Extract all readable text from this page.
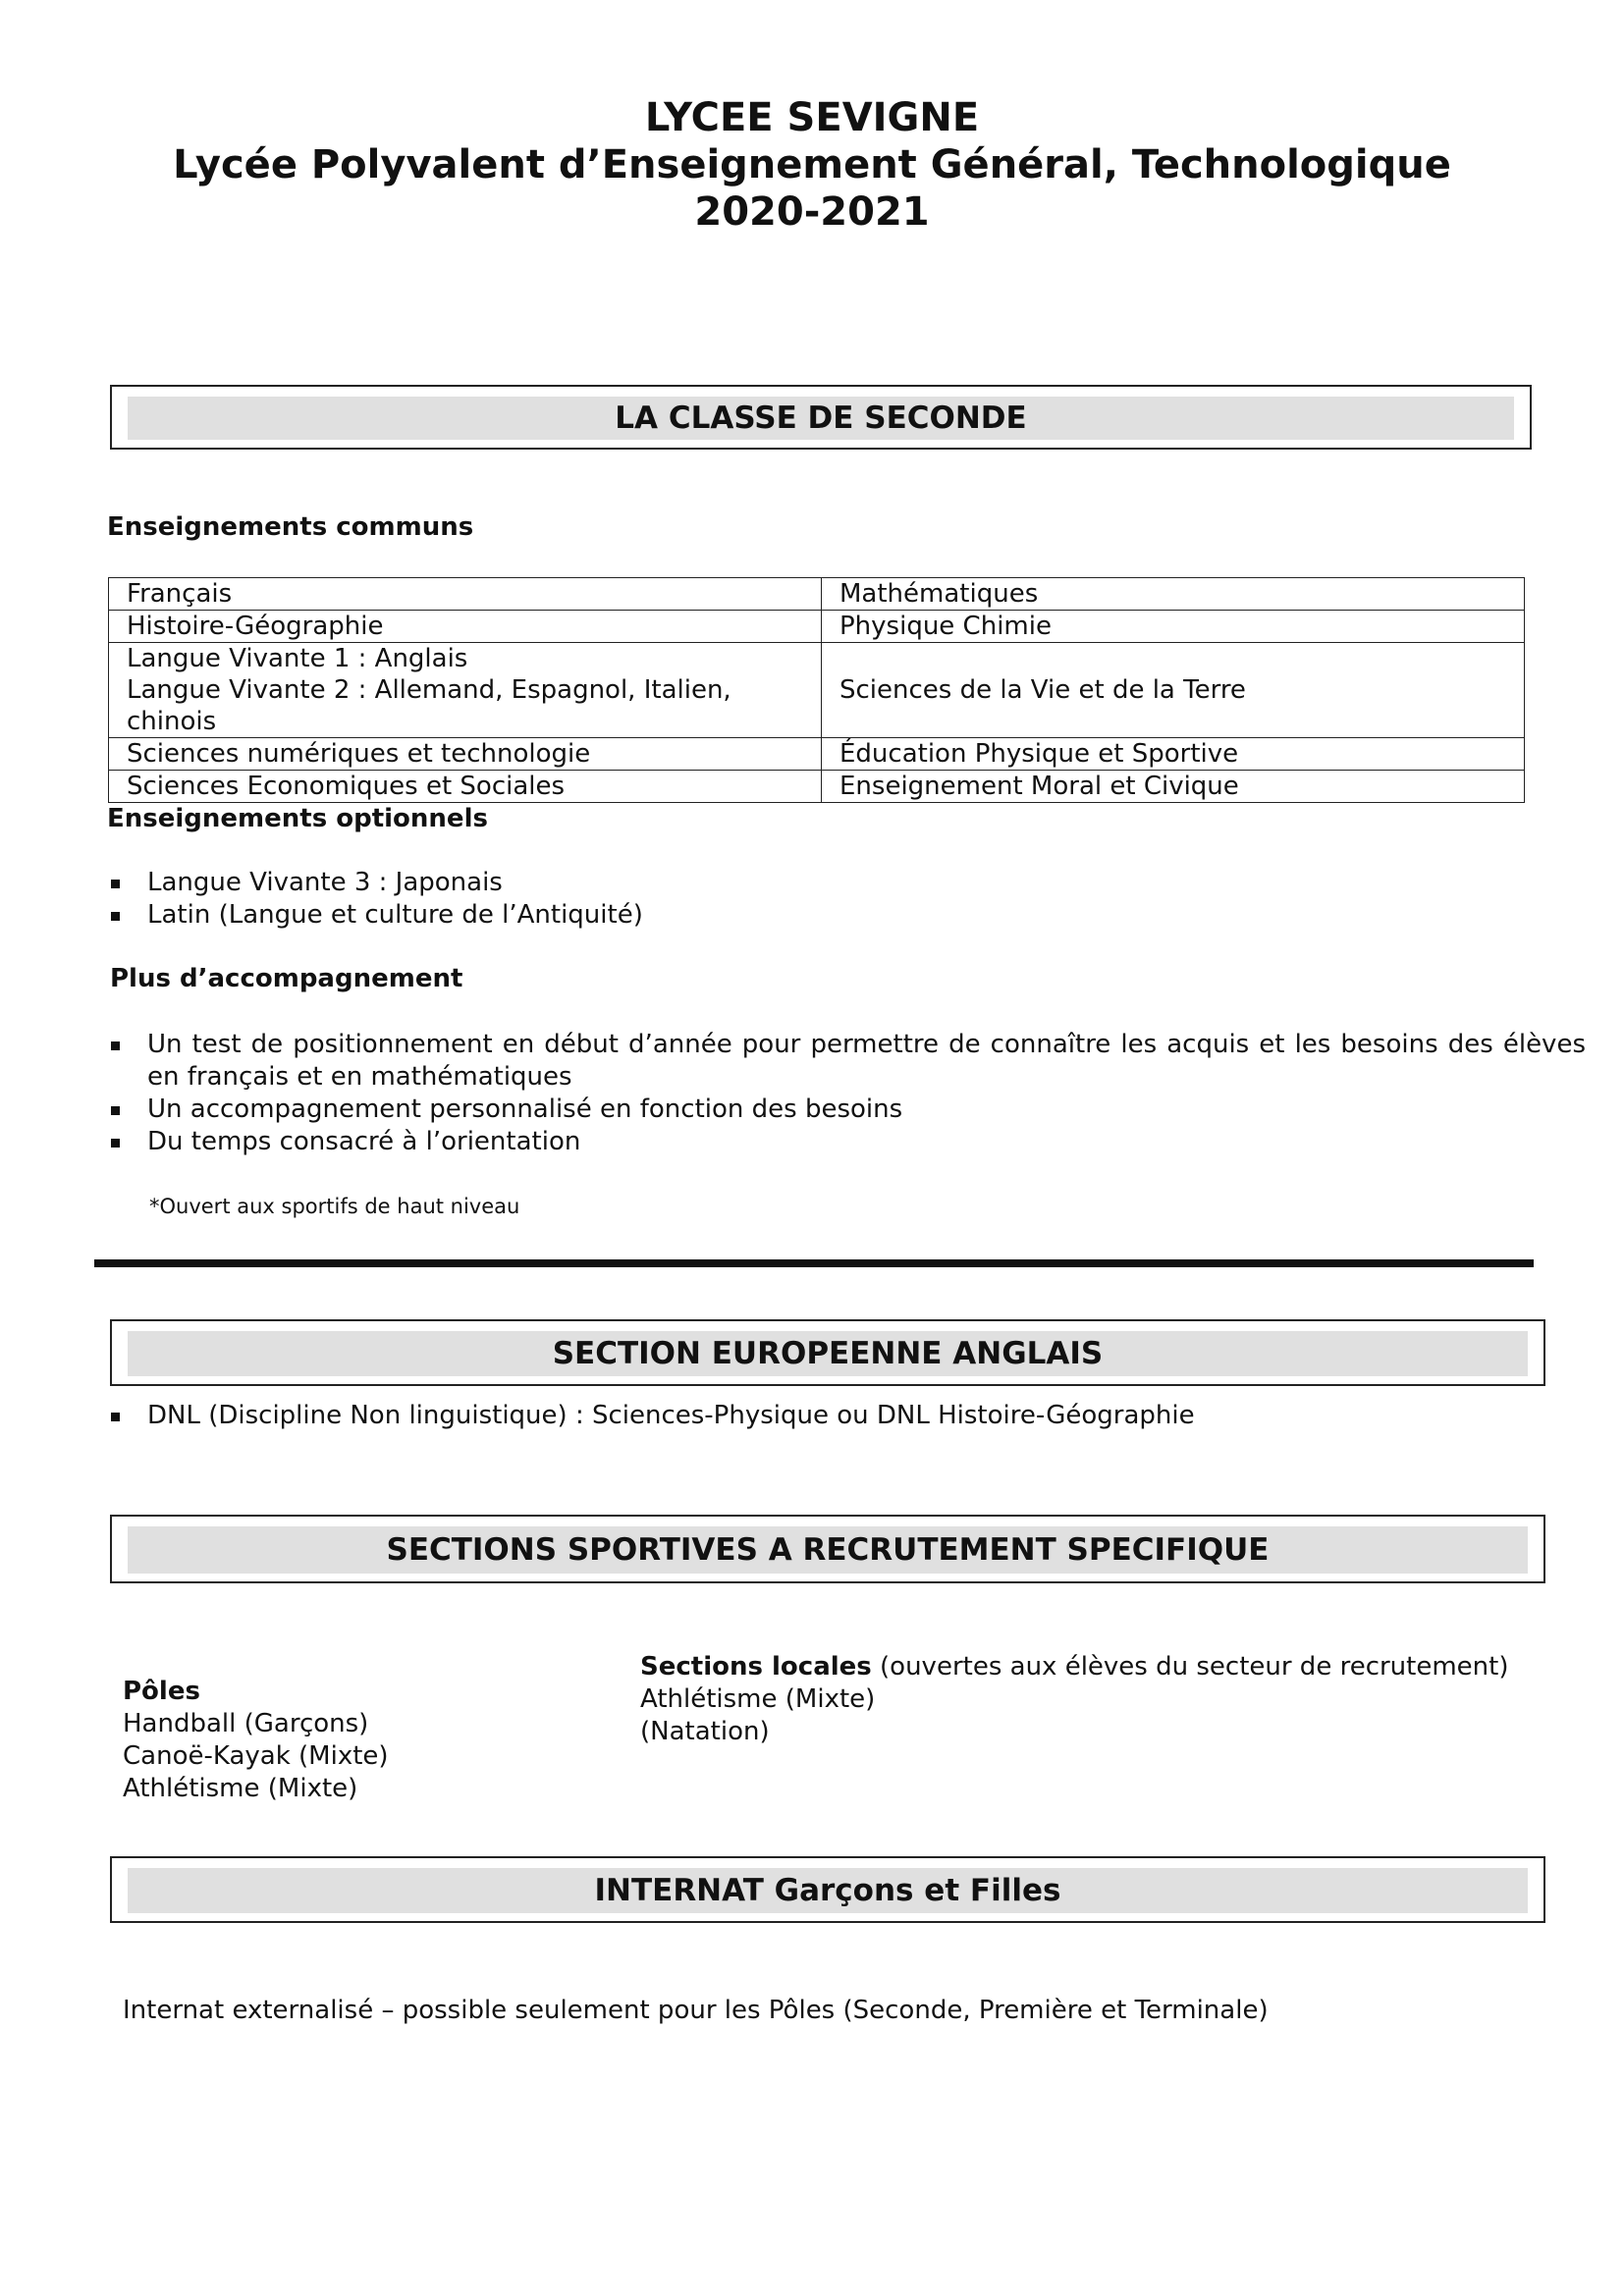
LYCEE SEVIGNE
Lycée Polyvalent d’Enseignement Général, Technologique
2020-2021
LA CLASSE DE SECONDE
Enseignements communs
Français	Mathématiques
Histoire-Géographie	Physique Chimie

Langue Vivante 1 : Anglais
Langue Vivante 2 : Allemand, Espagnol, Italien, chinois	Sciences de la Vie et de la Terre
Sciences numériques et technologie	Éducation Physique et Sportive
Sciences Economiques et Sociales	Enseignement Moral et Civique
Enseignements optionnels
Langue Vivante 3 : Japonais
Latin (Langue et culture de l’Antiquité)
Plus d’accompagnement
Un test de positionnement en début d’année pour permettre de connaître les acquis et les besoins des élèves en français et en mathématiques
Un accompagnement personnalisé en fonction des besoins
Du temps consacré à l’orientation
*Ouvert aux sportifs de haut niveau
SECTION EUROPEENNE ANGLAIS
DNL (Discipline Non linguistique) : Sciences-Physique ou DNL Histoire-Géographie
SECTIONS SPORTIVES A RECRUTEMENT SPECIFIQUE
Pôles
Handball (Garçons)
Canoë-Kayak (Mixte)
Athlétisme (Mixte)
Sections locales (ouvertes aux élèves du secteur de recrutement)
Athlétisme (Mixte)
(Natation)
INTERNAT Garçons et Filles
Internat externalisé – possible seulement pour les Pôles (Seconde, Première et Terminale)
